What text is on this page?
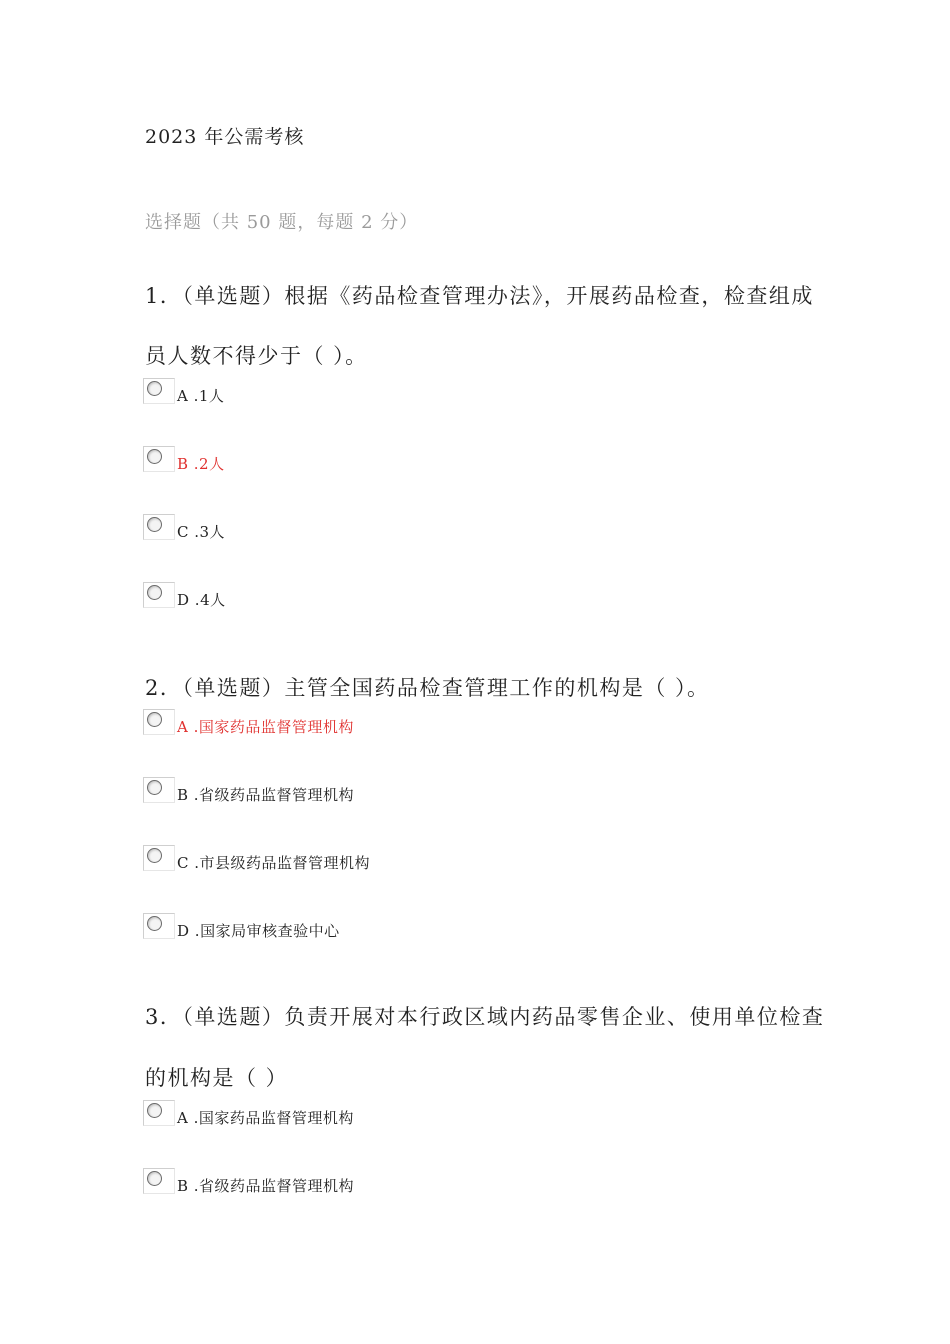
2023 年公需考核
选择题（共 50 题，每题 2 分）
1．（单选题）根据《药品检查管理办法》，开展药品检查，检查组成
员人数不得少于（ ）。
A .1人
B .2人
C .3人
D .4人
2．（单选题）主管全国药品检查管理工作的机构是（ ）。
A .国家药品监督管理机构
B .省级药品监督管理机构
C .市县级药品监督管理机构
D .国家局审核查验中心
3．（单选题）负责开展对本行政区域内药品零售企业、使用单位检查
的机构是（ ）
A .国家药品监督管理机构
B .省级药品监督管理机构
